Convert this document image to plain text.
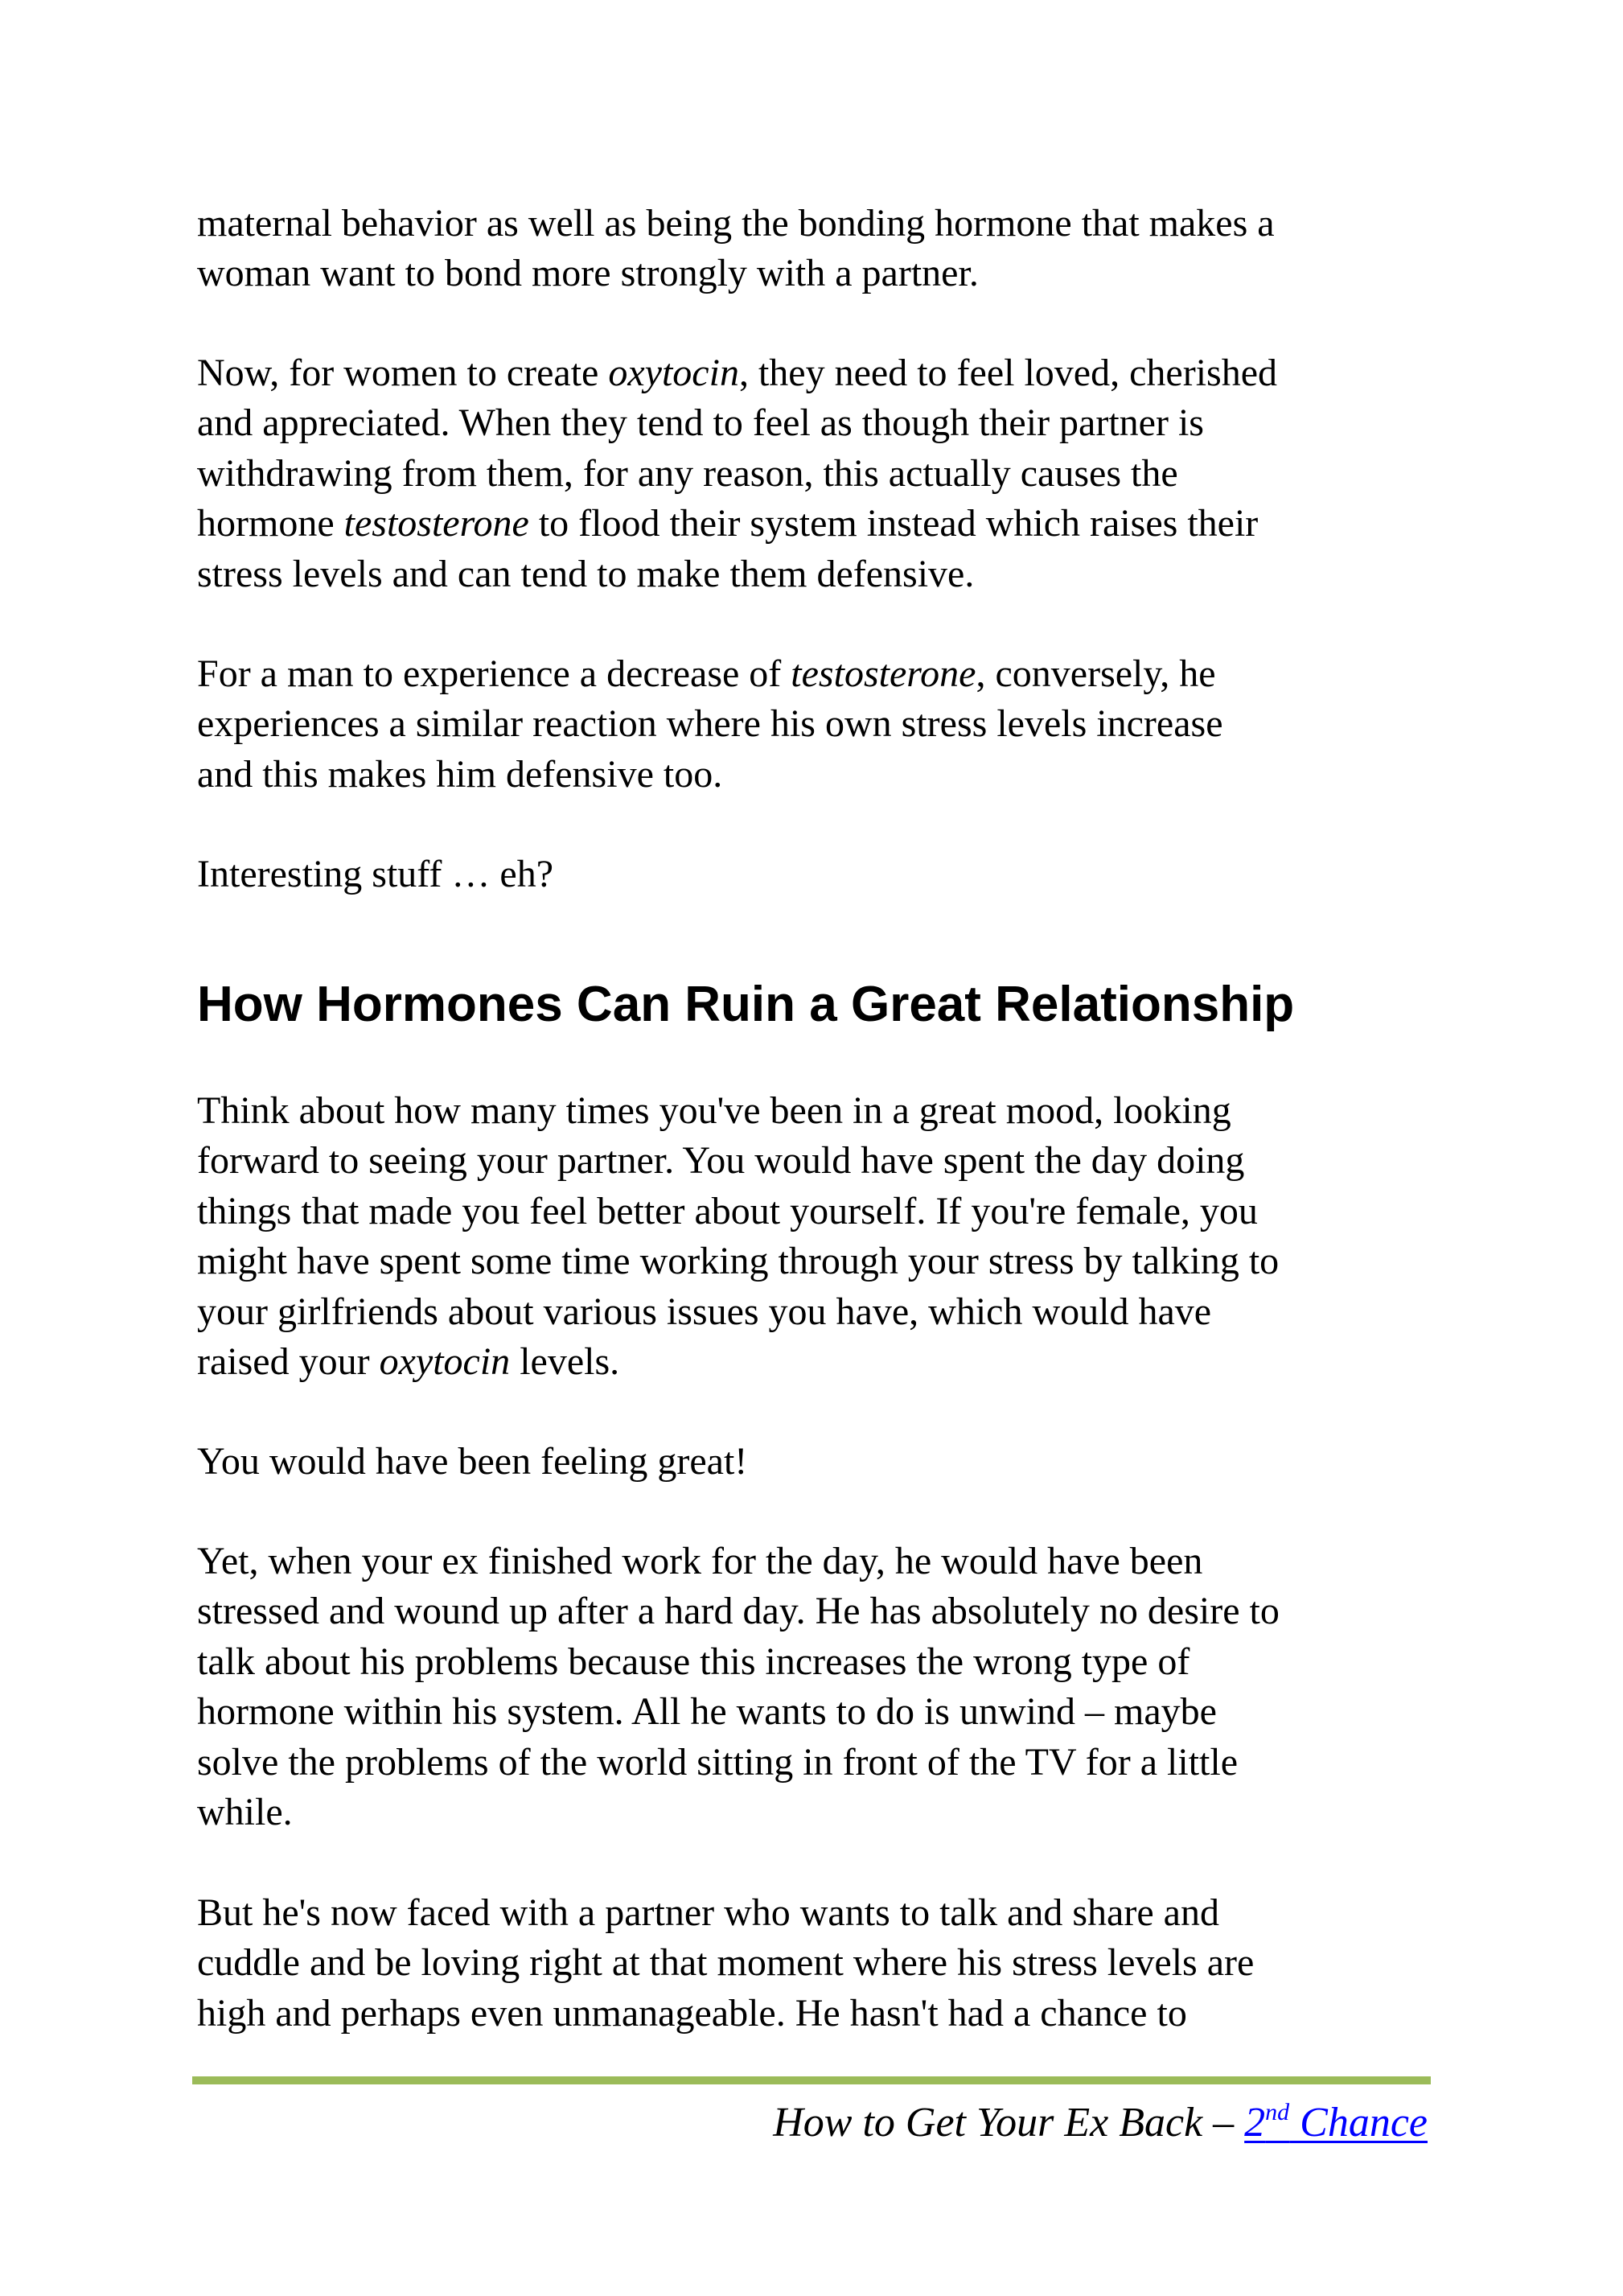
maternal behavior as well as being the bonding hormone that makes a
woman want to bond more strongly with a partner.
Now, for women to create oxytocin, they need to feel loved, cherished
and appreciated. When they tend to feel as though their partner is
withdrawing from them, for any reason, this actually causes the
hormone testosterone to flood their system instead which raises their
stress levels and can tend to make them defensive.
For a man to experience a decrease of testosterone, conversely, he
experiences a similar reaction where his own stress levels increase
and this makes him defensive too.
Interesting stuff … eh?
How Hormones Can Ruin a Great Relationship
Think about how many times you've been in a great mood, looking
forward to seeing your partner. You would have spent the day doing
things that made you feel better about yourself. If you're female, you
might have spent some time working through your stress by talking to
your girlfriends about various issues you have, which would have
raised your oxytocin levels.
You would have been feeling great!
Yet, when your ex finished work for the day, he would have been
stressed and wound up after a hard day. He has absolutely no desire to
talk about his problems because this increases the wrong type of
hormone within his system. All he wants to do is unwind – maybe
solve the problems of the world sitting in front of the TV for a little
while.
But he's now faced with a partner who wants to talk and share and
cuddle and be loving right at that moment where his stress levels are
high and perhaps even unmanageable. He hasn't had a chance to
How to Get Your Ex Back – 2nd Chance
